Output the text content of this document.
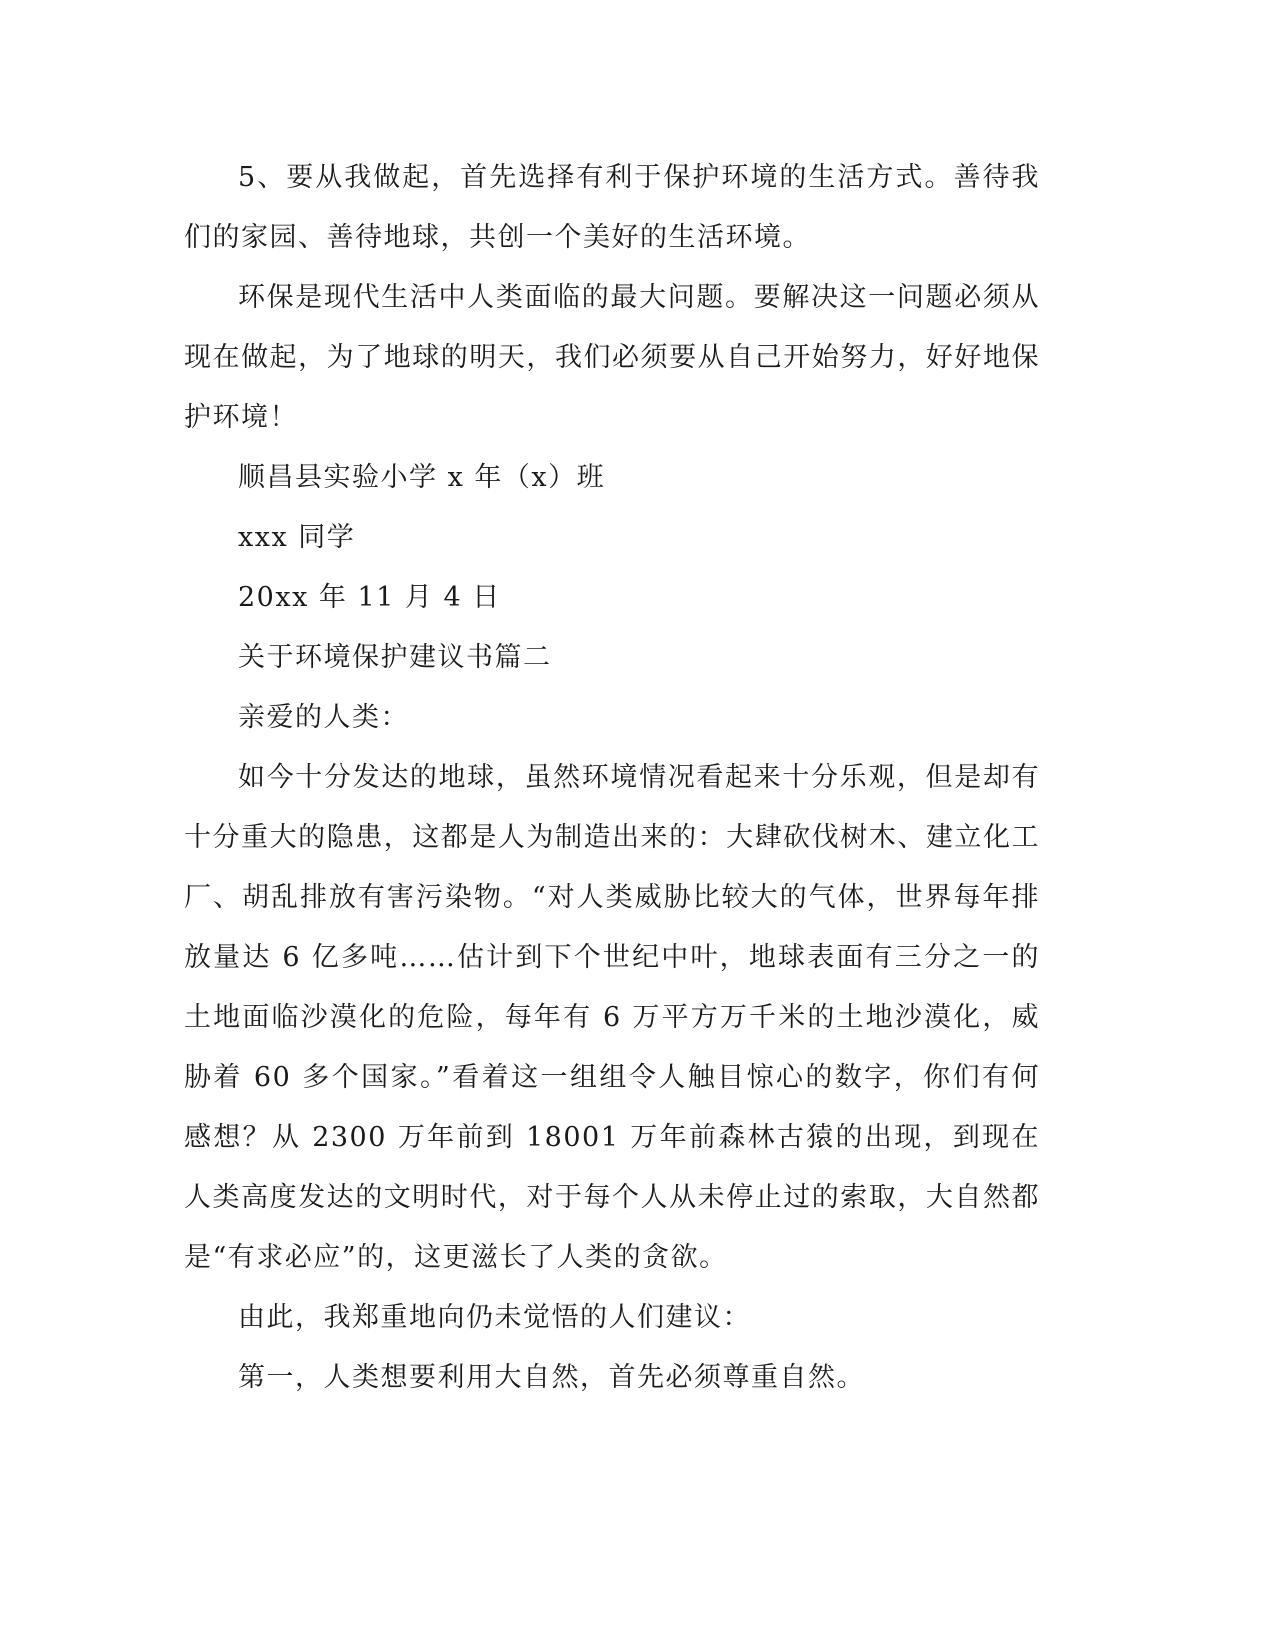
5、要从我做起，首先选择有利于保护环境的生活方式。善待我们的家园、善待地球，共创一个美好的生活环境。

环保是现代生活中人类面临的最大问题。要解决这一问题必须从现在做起，为了地球的明天，我们必须要从自己开始努力，好好地保护环境！

顺昌县实验小学 x 年（x）班

xxx 同学

20xx 年 11 月 4 日

关于环境保护建议书篇二

亲爱的人类：

如今十分发达的地球，虽然环境情况看起来十分乐观，但是却有十分重大的隐患，这都是人为制造出来的：大肆砍伐树木、建立化工厂、胡乱排放有害污染物。“对人类威胁比较大的气体，世界每年排放量达 6 亿多吨……估计到下个世纪中叶，地球表面有三分之一的土地面临沙漠化的危险，每年有 6 万平方万千米的土地沙漠化，威胁着 60 多个国家。”看着这一组组令人触目惊心的数字，你们有何感想？从 2300 万年前到 18001 万年前森林古猿的出现，到现在人类高度发达的文明时代，对于每个人从未停止过的索取，大自然都是“有求必应”的，这更滋长了人类的贪欲。

由此，我郑重地向仍未觉悟的人们建议：

第一，人类想要利用大自然，首先必须尊重自然。
